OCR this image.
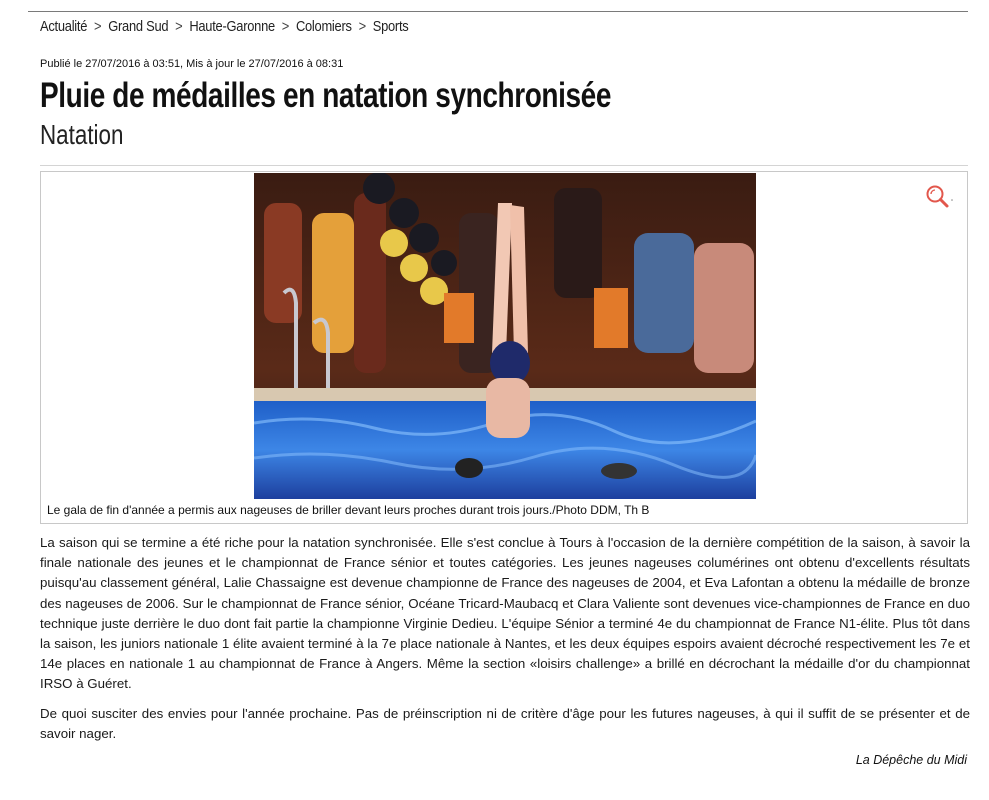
Actualité > Grand Sud > Haute-Garonne > Colomiers > Sports
Publié le 27/07/2016 à 03:51, Mis à jour le 27/07/2016 à 08:31
Pluie de médailles en natation synchronisée
Natation
Le gala de fin d'année a permis aux nageuses de briller devant leurs proches durant trois jours./Photo DDM, Th B

La saison qui se termine a été riche pour la natation synchronisée. Elle s'est conclue à Tours à l'occasion de la dernière compétition de la saison, à savoir la finale nationale des jeunes et le championnat de France sénior et toutes catégories. Les jeunes nageuses columérines ont obtenu d'excellents résultats puisqu'au classement général, Lalie Chassaigne est devenue championne de France des nageuses de 2004, et Eva Lafontan a obtenu la médaille de bronze des nageuses de 2006. Sur le championnat de France sénior, Océane Tricard-Maubacq et Clara Valiente sont devenues vice-championnes de France en duo technique juste derrière le duo dont fait partie la championne Virginie Dedieu. L'équipe Sénior a terminé 4e du championnat de France N1-élite. Plus tôt dans la saison, les juniors nationale 1 élite avaient terminé à la 7e place nationale à Nantes, et les deux équipes espoirs avaient décroché respectivement les 7e et 14e places en nationale 1 au championnat de France à Angers. Même la section «loisirs challenge» a brillé en décrochant la médaille d'or du championnat IRSO à Guéret.

De quoi susciter des envies pour l'année prochaine. Pas de préinscription ni de critère d'âge pour les futures nageuses, à qui il suffit de se présenter et de savoir nager.

La Dépêche du Midi
